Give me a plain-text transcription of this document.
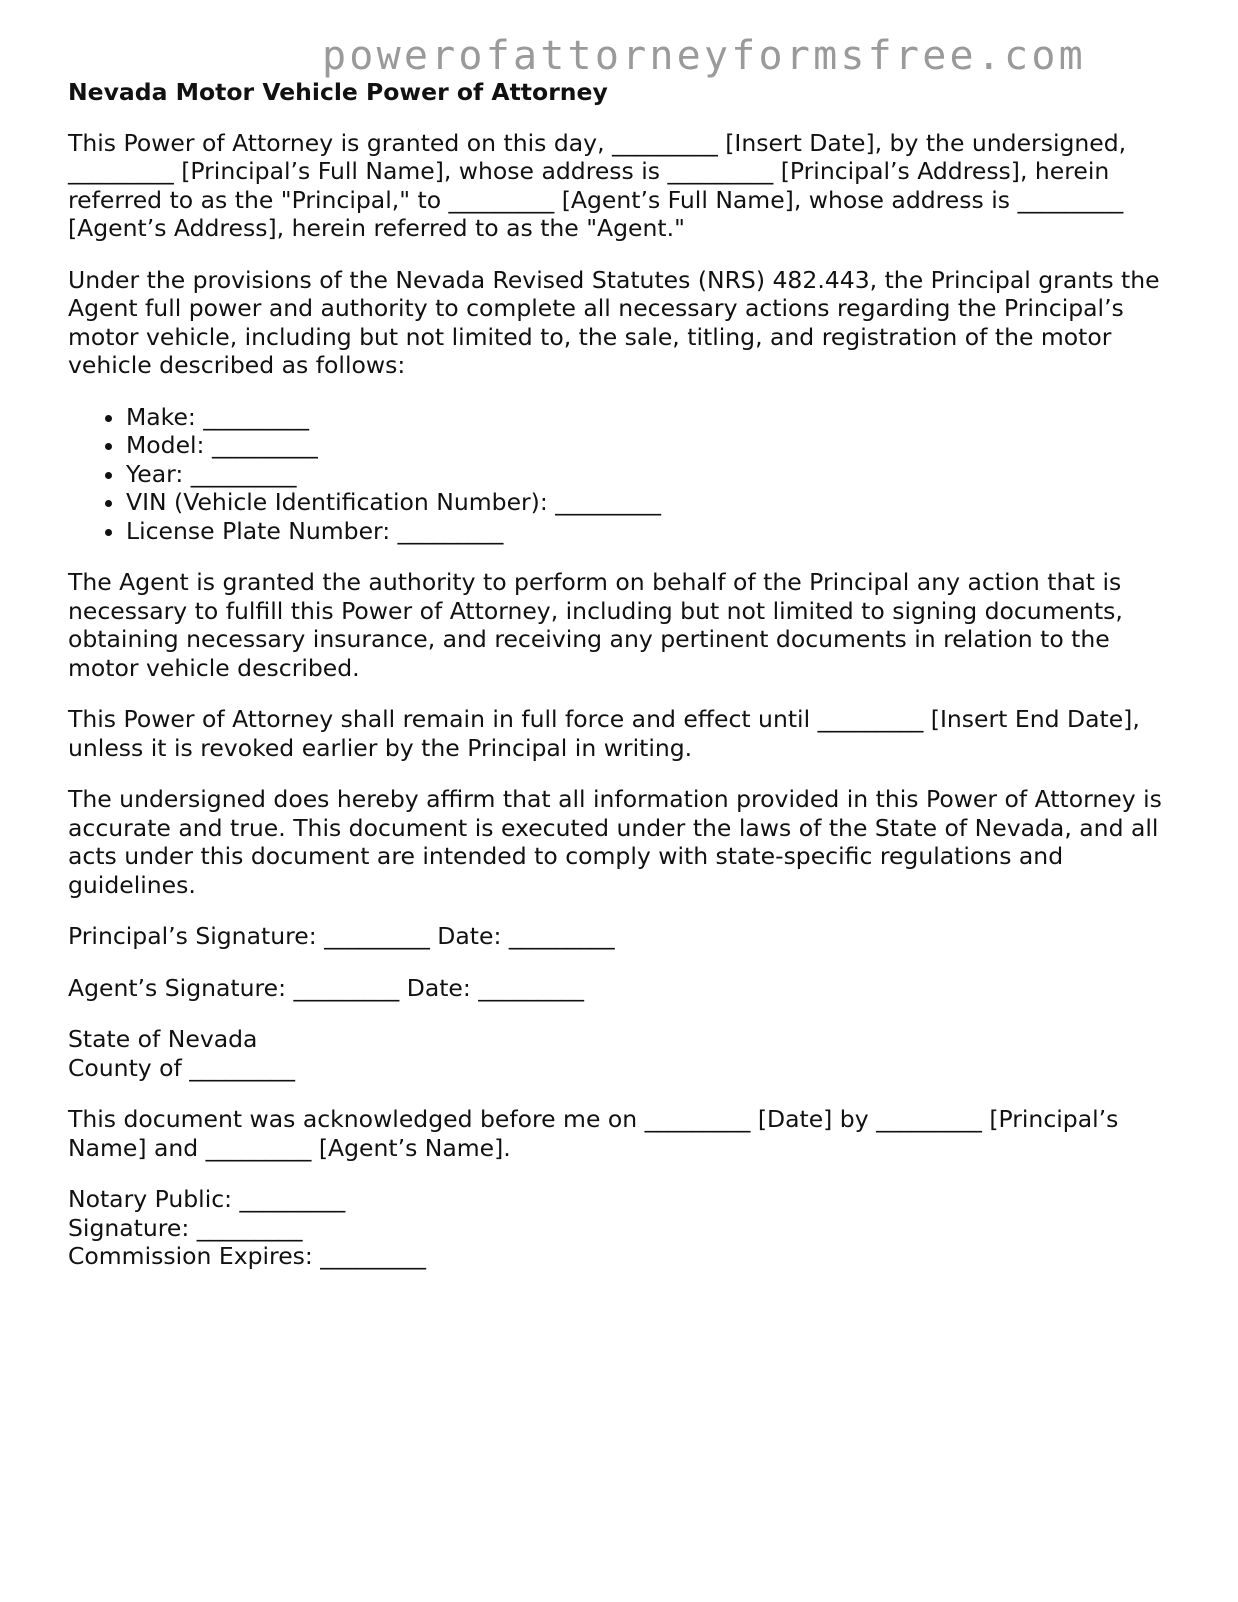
powerofattorneyformsfree.com
Nevada Motor Vehicle Power of Attorney

This Power of Attorney is granted on this day, _________ [Insert Date], by the undersigned, _________ [Principal’s Full Name], whose address is _________ [Principal’s Address], herein referred to as the "Principal," to _________ [Agent’s Full Name], whose address is _________ [Agent’s Address], herein referred to as the "Agent."

Under the provisions of the Nevada Revised Statutes (NRS) 482.443, the Principal grants the Agent full power and authority to complete all necessary actions regarding the Principal’s motor vehicle, including but not limited to, the sale, titling, and registration of the motor vehicle described as follows:

• Make: _________
• Model: _________
• Year: _________
• VIN (Vehicle Identification Number): _________
• License Plate Number: _________

The Agent is granted the authority to perform on behalf of the Principal any action that is necessary to fulfill this Power of Attorney, including but not limited to signing documents, obtaining necessary insurance, and receiving any pertinent documents in relation to the motor vehicle described.

This Power of Attorney shall remain in full force and effect until _________ [Insert End Date], unless it is revoked earlier by the Principal in writing.

The undersigned does hereby affirm that all information provided in this Power of Attorney is accurate and true. This document is executed under the laws of the State of Nevada, and all acts under this document are intended to comply with state-specific regulations and guidelines.

Principal’s Signature: _________ Date: _________

Agent’s Signature: _________ Date: _________

State of Nevada
County of _________

This document was acknowledged before me on _________ [Date] by _________ [Principal’s Name] and _________ [Agent’s Name].

Notary Public: _________
Signature: _________
Commission Expires: _________
